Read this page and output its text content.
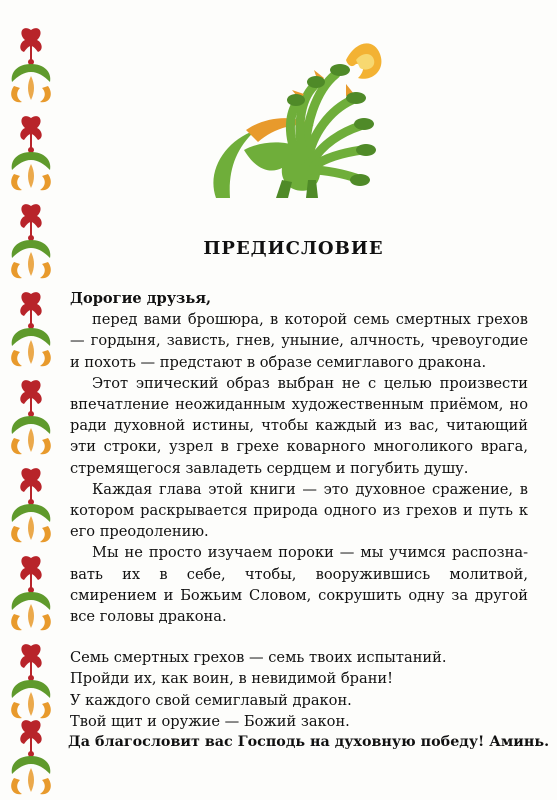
ПРЕДИСЛОВИЕ

Дорогие друзья,

перед вами брошюра, в которой семь смертных грехов — гордыня, зависть, гнев, уныние, алчность, чревоугодие и похоть — предстают в образе семиглавого дракона.

Этот эпический образ выбран не с целью произвести впечатление неожиданным художественным приёмом, но ради духовной истины, чтобы каждый из вас, читающий эти строки, узрел в грехе коварного многоликого врага, стремящегося завладеть сердцем и погубить душу.

Каждая глава этой книги — это духовное сражение, в котором раскрывается природа одного из грехов и путь к его преодолению.

Мы не просто изучаем пороки — мы учимся распознавать их в себе, чтобы, вооружившись молитвой, смирением и Божьим Словом, сокрушить одну за другой все головы дракона.

Семь смертных грехов — семь твоих испытаний.
Пройди их, как воин, в невидимой брани!
У каждого свой семиглавый дракон.
Твой щит и оружие — Божий закон.

Да благословит вас Господь на духовную победу! Аминь.
